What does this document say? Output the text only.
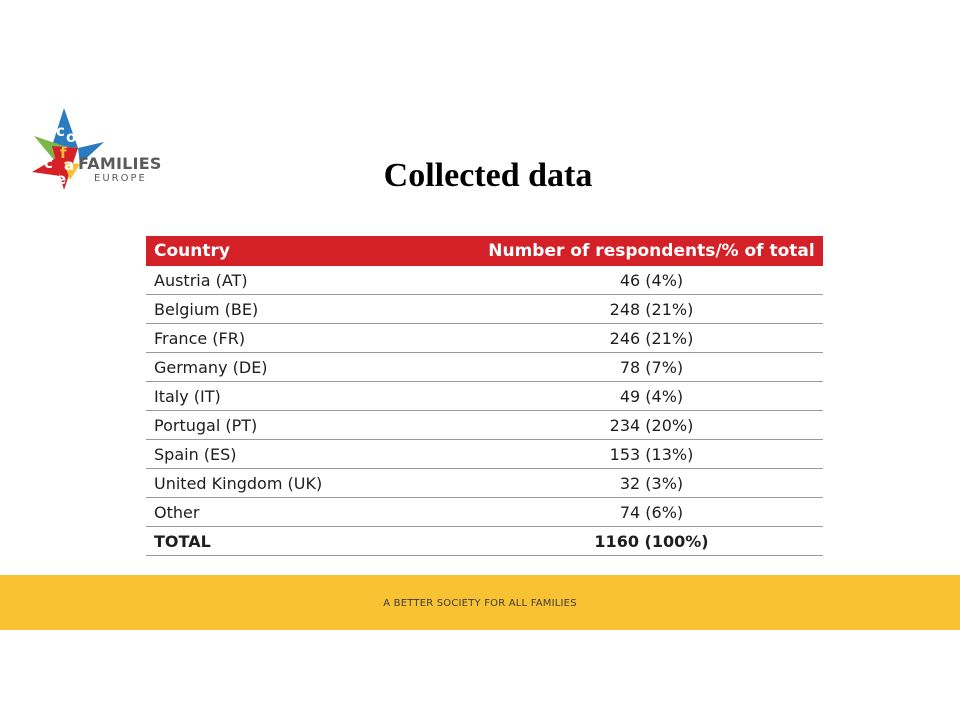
c o
f
a
c
e
FAMILIES
EUROPE	Collected data
Country	Number of respondents/% of total
Austria (AT)	46 (4%)
Belgium (BE)	248 (21%)
France (FR)	246 (21%)
Germany (DE)	78 (7%)
Italy (IT)	49 (4%)
Portugal (PT)	234 (20%)
Spain (ES)	153 (13%)
United Kingdom (UK)	32 (3%)
Other	74 (6%)
TOTAL	1160 (100%)
A BETTER SOCIETY FOR ALL FAMILIES
